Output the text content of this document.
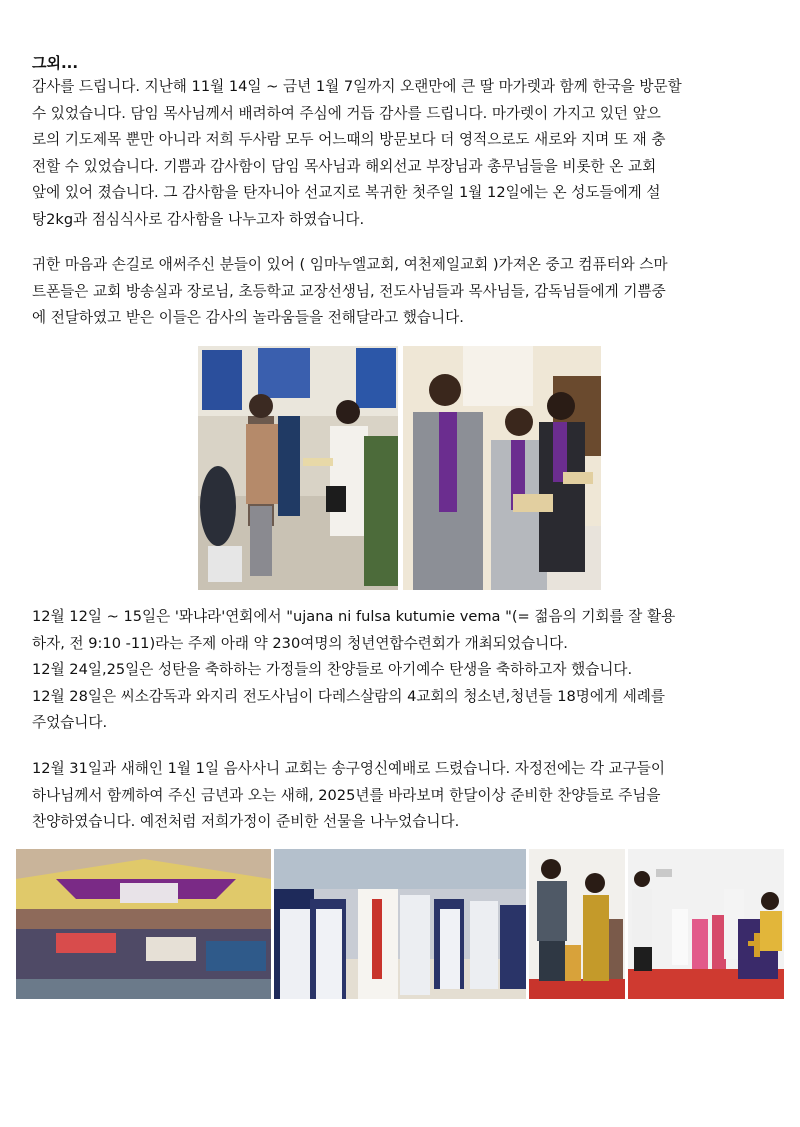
그외...
감사를 드립니다. 지난해 11월 14일 ~ 금년 1월 7일까지 오랜만에 큰 딸 마가렛과 함께 한국을 방문할
수 있었습니다. 담임 목사님께서 배려하여 주심에 거듭 감사를 드립니다. 마가렛이 가지고 있던 앞으
로의 기도제목 뿐만 아니라 저희 두사람 모두 어느때의 방문보다 더 영적으로도 새로와 지며 또 재 충
전할 수 있었습니다. 기쁨과 감사함이 담임 목사님과 해외선교 부장님과 총무님들을 비롯한 온 교회
앞에 있어 졌습니다. 그 감사함을 탄자니아 선교지로 복귀한 첫주일 1월 12일에는 온 성도들에게 설
탕2kg과 점심식사로 감사함을 나누고자 하였습니다.
귀한 마음과 손길로 애써주신 분들이 있어 ( 임마누엘교회, 여천제일교회 )가져온 중고 컴퓨터와 스마
트폰들은 교회 방송실과 장로님, 초등학교 교장선생님, 전도사님들과 목사님들, 감독님들에게 기쁨중
에 전달하였고 받은 이들은 감사의 놀라움들을 전해달라고 했습니다.
12월 12일 ~ 15일은 '뫄냐라'연회에서 "ujana ni fulsa kutumie vema "(= 젊음의 기회를 잘 활용
하자, 전 9:10 -11)라는 주제 아래 약 230여명의 청년연합수련회가 개최되었습니다.
12월 24일,25일은 성탄을 축하하는 가정들의 찬양들로 아기예수 탄생을 축하하고자 했습니다.
12월 28일은 씨소감독과 와지리 전도사님이 다레스살람의 4교회의 청소년,청년들 18명에게 세례를
주었습니다.
12월 31일과 새해인 1월 1일 음사사니 교회는 송구영신예배로 드렸습니다. 자정전에는 각 교구들이
하나님께서 함께하여 주신 금년과 오는 새해, 2025년를 바라보며 한달이상 준비한 찬양들로 주님을
찬양하였습니다. 예전처럼 저희가정이 준비한 선물을 나누었습니다.
